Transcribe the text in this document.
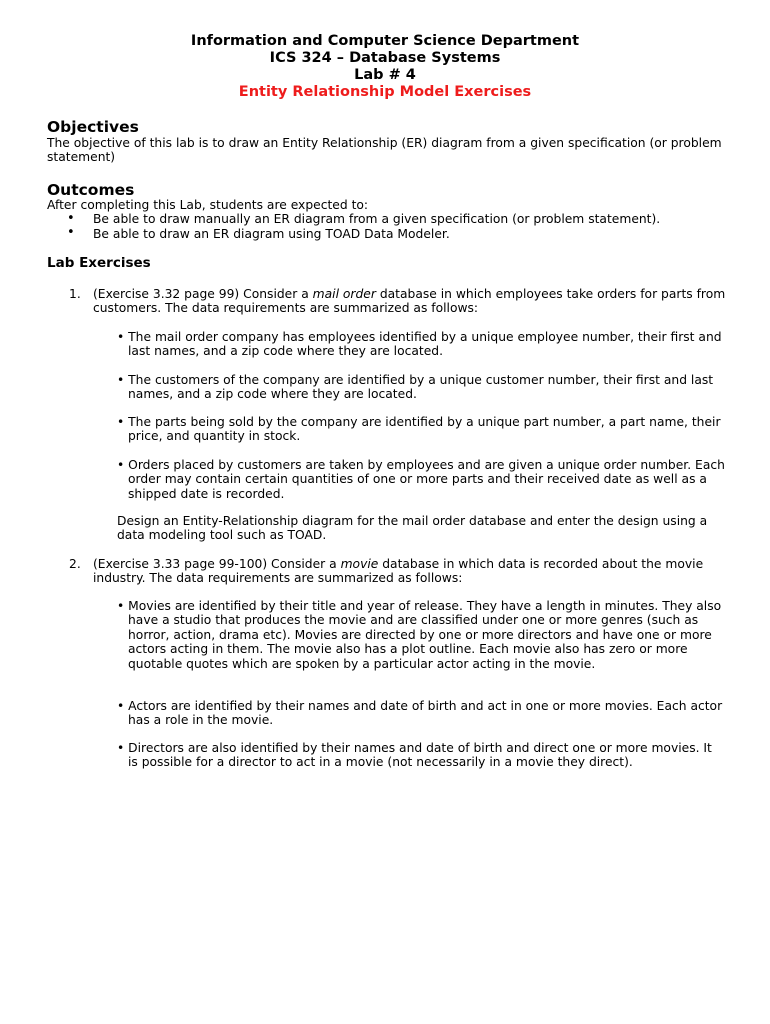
Information and Computer Science Department
ICS 324 – Database Systems
Lab # 4
Entity Relationship Model Exercises
Objectives
The objective of this lab is to draw an Entity Relationship (ER) diagram from a given specification (or problem statement)
Outcomes
After completing this Lab, students are expected to:
• Be able to draw manually an ER diagram from a given specification (or problem statement).
• Be able to draw an ER diagram using TOAD Data Modeler.
Lab Exercises
1. (Exercise 3.32 page 99) Consider a mail order database in which employees take orders for parts from customers. The data requirements are summarized as follows:
• The mail order company has employees identified by a unique employee number, their first and last names, and a zip code where they are located.
• The customers of the company are identified by a unique customer number, their first and last names, and a zip code where they are located.
• The parts being sold by the company are identified by a unique part number, a part name, their price, and quantity in stock.
• Orders placed by customers are taken by employees and are given a unique order number. Each order may contain certain quantities of one or more parts and their received date as well as a shipped date is recorded.
Design an Entity-Relationship diagram for the mail order database and enter the design using a data modeling tool such as TOAD.
2. (Exercise 3.33 page 99-100) Consider a movie database in which data is recorded about the movie industry. The data requirements are summarized as follows:
• Movies are identified by their title and year of release. They have a length in minutes. They also have a studio that produces the movie and are classified under one or more genres (such as horror, action, drama etc). Movies are directed by one or more directors and have one or more actors acting in them. The movie also has a plot outline. Each movie also has zero or more quotable quotes which are spoken by a particular actor acting in the movie.
• Actors are identified by their names and date of birth and act in one or more movies. Each actor has a role in the movie.
• Directors are also identified by their names and date of birth and direct one or more movies. It is possible for a director to act in a movie (not necessarily in a movie they direct).
